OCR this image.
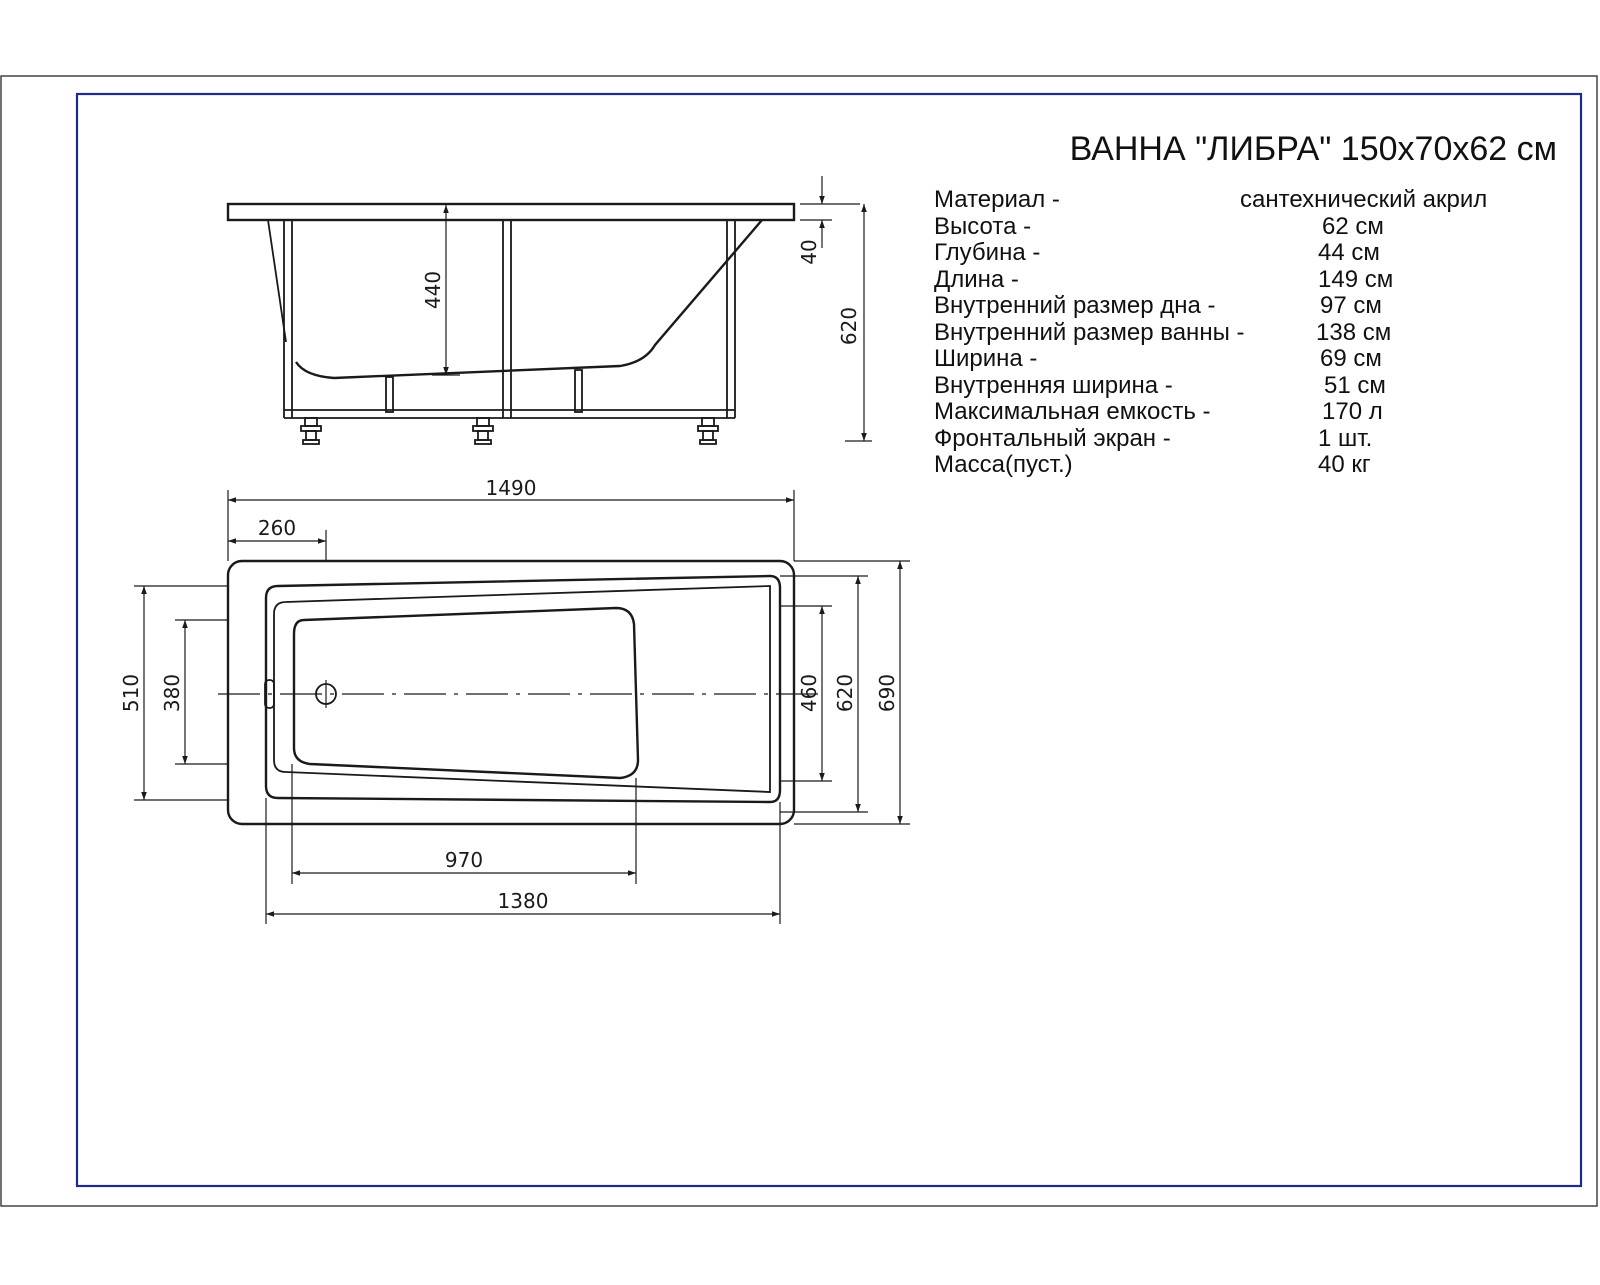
ВАННА "ЛИБРА" 150x70x62 см
Материал -	сантехнический акрил
Высота -	62 см
Глубина -	44 см
Длина -	149 см
Внутренний размер дна -	97 см
Внутренний размер ванны -	138 см
Ширина -	69 см
Внутренняя ширина -	51 см
Максимальная емкость -	170 л
Фронтальный экран -	1 шт.
Масса(пуст.)	40 кг
440
40
620
1490
260
510 380	460 620 690
970
1380
